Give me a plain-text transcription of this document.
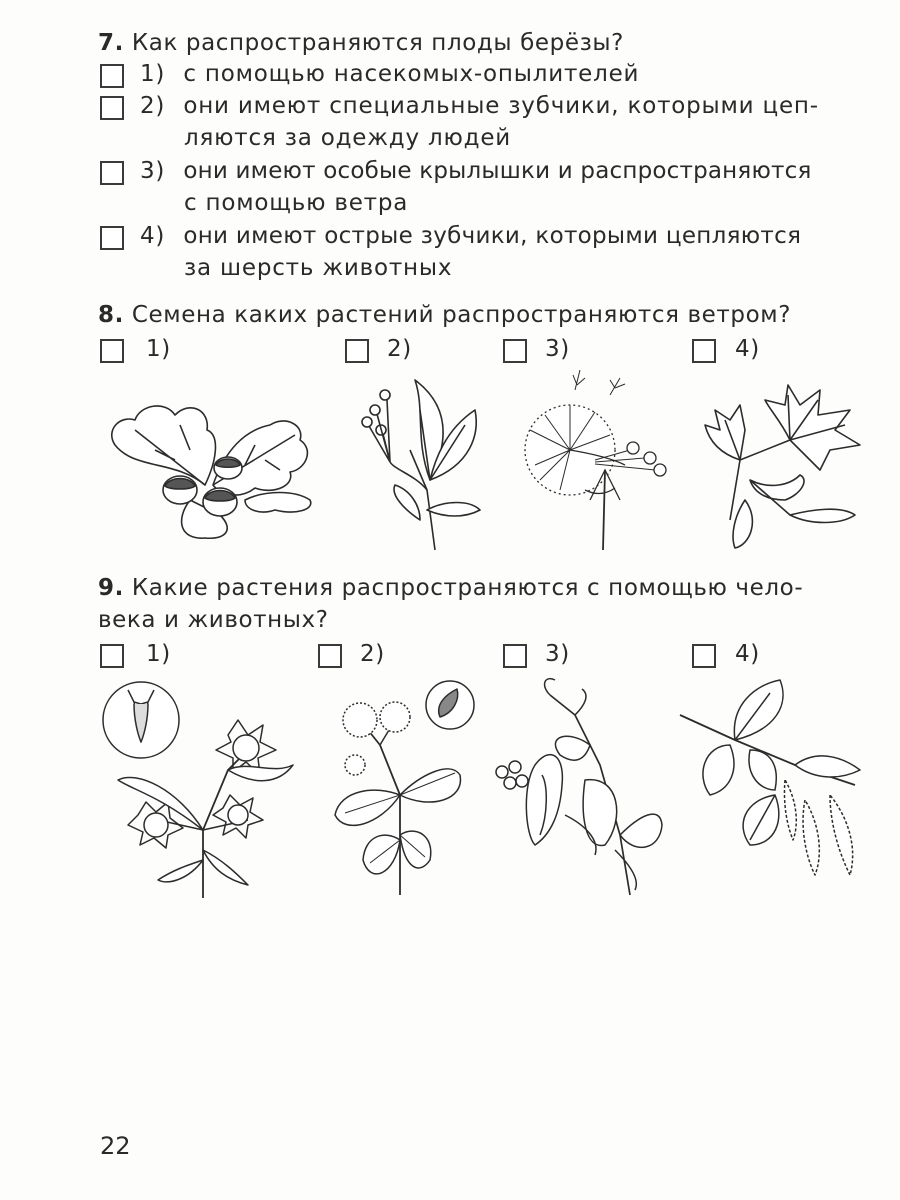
7. Как распространяются плоды берёзы?
1) с помощью насекомых-опылителей
2) они имеют специальные зубчики, которыми цеп-
ляются за одежду людей
3) они имеют особые крылышки и распространяются
с помощью ветра
4) они имеют острые зубчики, которыми цепляются
за шерсть животных
8. Семена каких растений распространяются ветром?
1)	2)	3)	4)
9. Какие растения распространяются с помощью чело-
века и животных?
1)	2)	3)	4)
22
